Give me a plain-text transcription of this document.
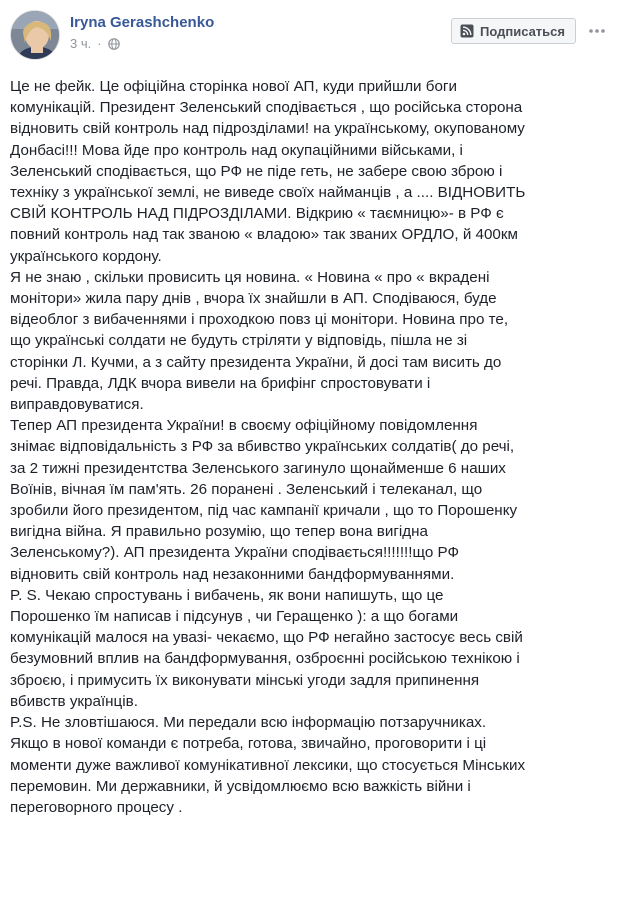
Iryna Gerashchenko
3 ч. ·
Подписаться

Це не фейк. Це офіційна сторінка нової АП, куди прийшли боги

комунікацій. Президент Зеленський сподівається , що російська сторона

відновить свій контроль над підрозділами! на українському, окупованому

Донбасі!!! Мова йде про контроль над окупаційними військами, і

Зеленський сподівається, що РФ не піде геть, не забере свою зброю і

техніку з української землі, не виведе своїх найманців , а .... ВІДНОВИТЬ

СВІЙ КОНТРОЛЬ НАД ПІДРОЗДІЛАМИ. Відкрию « таємницю»- в РФ є

повний контроль над так званою « владою» так званих ОРДЛО, й 400км

українського кордону.

Я не знаю , скільки провисить ця новина. « Новина « про « вкрадені

монітори» жила пару днів , вчора їх знайшли в АП. Сподіваюся, буде

відеоблог з вибаченнями і проходкою повз ці монітори. Новина про те,

що українські солдати не будуть стріляти у відповідь, пішла не зі

сторінки Л. Кучми, а з сайту президента України, й досі там висить до

речі. Правда, ЛДК вчора вивели на брифінг спростовувати і

виправдовуватися.

Тепер АП президента України! в своєму офіційному повідомлення

знімає відповідальність з РФ за вбивство українських солдатів( до речі,

за 2 тижні президентства Зеленського загинуло щонайменше 6 наших

Воїнів, вічная їм пам'ять. 26 поранені . Зеленський і телеканал, що

зробили його президентом, під час кампанії кричали , що то Порошенку

вигідна війна. Я правильно розумію, що тепер вона вигідна

Зеленському?). АП президента України сподівається!!!!!!!що РФ

відновить свій контроль над незаконними бандформуваннями.

P. S. Чекаю спростувань і вибачень, як вони напишуть, що це

Порошенко їм написав і підсунув , чи Геращенко ): а що богами

комунікацій малося на увазі- чекаємо, що РФ негайно застосує весь свій

безумовний вплив на бандформування, озброєнні російською технікою і

зброєю, і примусить їх виконувати мінські угоди задля припинення

вбивств українців.

P.S. Не зловтішаюся. Ми передали всю інформацію потзаручниках.

Якщо в нової команди є потреба, готова, звичайно, проговорити і ці

моменти дуже важливої комунікативної лексики, що стосується Мінських

перемовин. Ми державники, й усвідомлюємо всю важкість війни і

переговорного процесу .
